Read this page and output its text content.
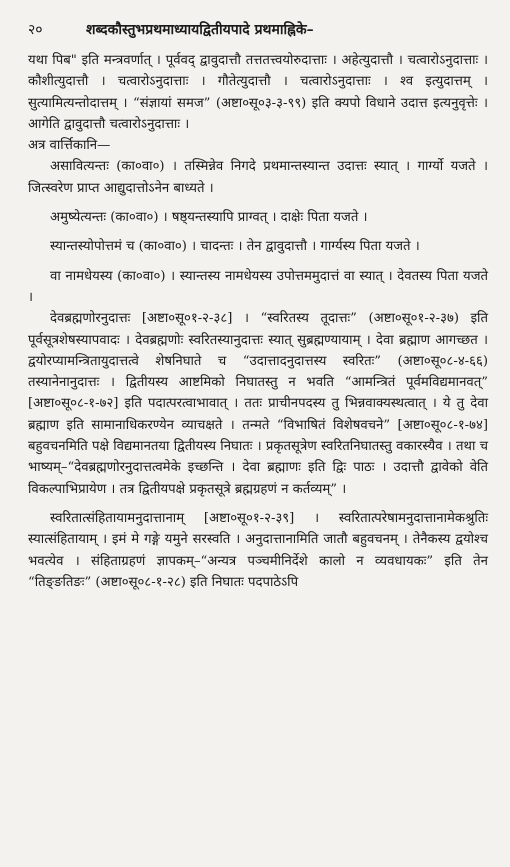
२०	शब्दकौस्तुभप्रथमाध्यायद्वितीयपादे प्रथमाह्निके–

यथा पिब" इति मन्त्रवर्णात् । पूर्ववद् द्वावुदात्तौ तत्ततत्त्वयोरुदात्ताः । अहेत्युदात्तौ । चत्वारोऽनुदात्ताः । कौशीत्युदात्तौ । चत्वारोऽनुदात्ताः । गौतेत्युदात्तौ । चत्वारोऽनुदात्ताः । श्व इत्युदात्तम् । सुत्यामित्यन्तोदात्तम् । “संज्ञायां समज” (अष्टा०सू०३-३-९९) इति क्यपो विधाने उदात्त इत्यनुवृत्तेः । आगेति द्वावुदात्तौ चत्वारोऽनुदात्ताः ।

अत्र वार्त्तिकानि—

असावित्यन्तः (का०वा०) । तस्मिन्नेव निगदे प्रथमान्तस्यान्त उदात्तः स्यात् । गार्ग्यो यजते । जित्स्वरेण प्राप्त आद्युदात्तोऽनेन बाध्यते ।

अमुष्येत्यन्तः (का०वा०) । षष्ठ्यन्तस्यापि प्राग्वत् । दाक्षेः पिता यजते ।

स्यान्तस्योपोत्तमं च (का०वा०) । चादन्तः । तेन द्वावुदात्तौ । गार्ग्यस्य पिता यजते ।

वा नामधेयस्य (का०वा०) । स्यान्तस्य नामधेयस्य उपोत्तममुदात्तं वा स्यात् । देवतस्य पिता यजते ।

देवब्रह्मणोरनुदात्तः [अष्टा०सू०१-२-३८] । “स्वरितस्य तूदात्तः” (अष्टा०सू०१-२-३७) इति पूर्वसूत्रशेषस्यापवादः । देवब्रह्मणोः स्वरितस्यानुदात्तः स्यात् सुब्रह्मण्यायाम् । देवा ब्रह्माण आगच्छत । द्वयोरप्यामन्त्रितायुदात्तत्वे शेषनिघाते च “उदात्तादनुदात्तस्य स्वरितः” (अष्टा०सू०८-४-६६) तस्यानेनानुदात्तः । द्वितीयस्य आष्टमिको निघातस्तु न भवति “आमन्त्रितं पूर्वमविद्यमानवत्” [अष्टा०सू०८-१-७२] इति पदात्परत्वाभावात् । ततः प्राचीनपदस्य तु भिन्नवाक्यस्थत्वात् । ये तु देवा ब्रह्माण इति सामानाधिकरण्येन व्याचक्षते । तन्मते “विभाषितं विशेषवचने” [अष्टा०सू०८-१-७४] बहुवचनमिति पक्षे विद्यमानतया द्वितीयस्य निघातः । प्रकृतसूत्रेण स्वरितनिघातस्तु वकारस्यैव । तथा च भाष्यम्–“देवब्रह्मणोरनुदात्तत्वमेके इच्छन्ति । देवा ब्रह्माणः इति द्विः पाठः । उदात्तौ द्वावेको वेति विकल्पाभिप्रायेण । तत्र द्वितीयपक्षे प्रकृतसूत्रे ब्रह्मग्रहणं न कर्तव्यम्” ।

स्वरितात्संहितायामनुदात्तानाम् [अष्टा०सू०१-२-३९] । स्वरितात्परेषामनुदात्तानामेकश्रुतिः स्यात्संहितायाम् । इमं मे गङ्गे यमुने सरस्वति । अनुदात्तानामिति जातौ बहुवचनम् । तेनैकस्य द्वयोश्च भवत्येव । संहिताग्रहणं ज्ञापकम्–“अन्यत्र पञ्चमीनिर्देशे कालो न व्यवधायकः” इति तेन “तिङ्ङतिङः” (अष्टा०सू०८-१-२८) इति निघातः पदपाठेऽपि
